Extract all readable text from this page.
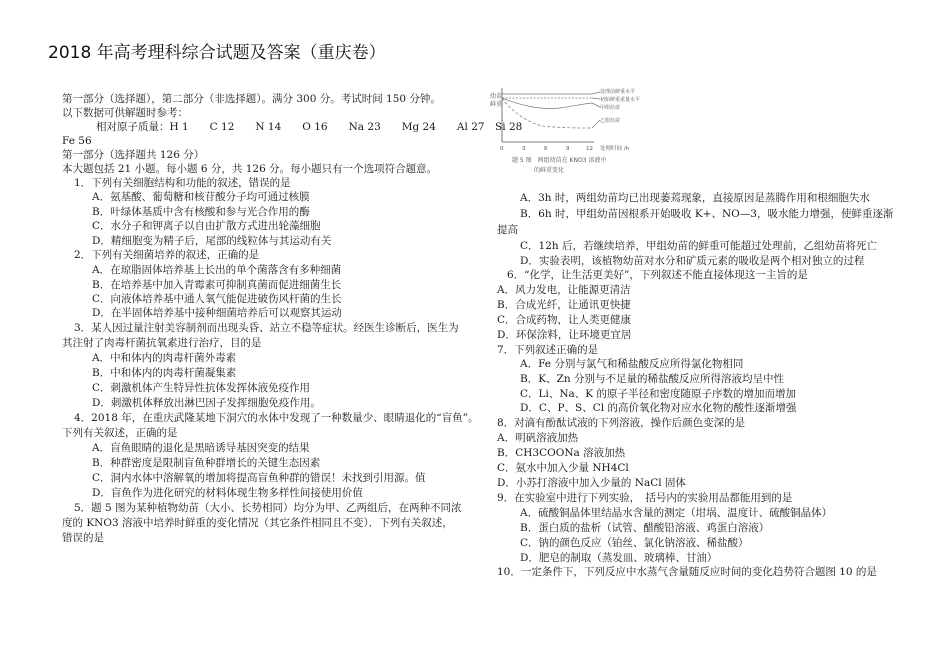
2018 年高考理科综合试题及答案（重庆卷）
第一部分（选择题），第二部分（非选择题）。满分 300 分。考试时间 150 分钟。
以下数据可供解题时参考：
相对原子质量：H 1　　C 12　　N 14　　O 16　　Na 23　　Mg 24　　Al 27　Si 28
Fe 56
第一部分（选择题共 126 分）
本大题包括 21 小题。每小题 6 分，共 126 分。每小题只有一个选项符合题意。
1．下列有关细胞结构和功能的叙述，错误的是
A．氨基酸、葡萄糖和核苷酸分子均可通过核膜
B．叶绿体基质中含有核酸和参与光合作用的酶
C．水分子和钾离子以自由扩散方式进出轮藻细胞
D．精细胞变为精子后，尾部的线粒体与其运动有关
2．下列有关细菌培养的叙述，正确的是
A．在琼脂固体培养基上长出的单个菌落含有多种细菌
B．在培养基中加入青霉素可抑制真菌而促进细菌生长
C．向液体培养基中通人氧气能促进破伤风杆菌的生长
D．在半固体培养基中接种细菌培养后可以观察其运动
3．某人因过量注射美容制剂而出现头昏、站立不稳等症状。经医生诊断后，医生为
其注射了肉毒杆菌抗氧素进行治疗，目的是
A．中和体内的肉毒杆菌外毒素
B．中和体内的肉毒杆菌凝集素
C．刺激机体产生特异性抗体发挥体液免疫作用
D．刺激机体释放出淋巴因子发挥细胞免疫作用。
4．2018 年，在重庆武隆某地下洞穴的水体中发现了一种数量少、眼睛退化的“盲鱼”。
下列有关叙述，正确的是
A．盲鱼眼睛的退化是黑暗诱导基因突变的结果
B．种群密度是限制盲鱼种群增长的关键生态因素
C．洞内水体中溶解氧的增加将提高盲鱼种群的错误！未找到引用源。值
D．盲鱼作为进化研究的材料体现生物多样性间接使用价值
5．题 5 图为某种植物幼苗（大小、长势相同）均分为甲、乙两组后，在两种不同浓
度的 KNO3 溶液中培养时鲜重的变化情况（其它条件相同且不变）．下列有关叙述，
错误的是
幼苗
鲜重
处理前鲜重水平
初始鲜重重量水平
甲组幼苗
乙组幼苗
0	3	6	9	12 处理时间 /h
题 5 图　两组幼苗在 KNO3 溶液中
的鲜重变化
A．3h 时，两组幼苗均已出现萎蔫现象，直接原因是蒸腾作用和根细胞失水
B．6h 时，甲组幼苗因根系开始吸收 K+、NO—3，吸水能力增强，使鲜重逐渐
提高
C．12h 后，若继续培养，甲组幼苗的鲜重可能超过处理前，乙组幼苗将死亡
D．实验表明，该植物幼苗对水分和矿质元素的吸收是两个相对独立的过程
6．“化学，让生活更美好”，下列叙述不能直接体现这一主旨的是
A．风力发电，让能源更清洁
B．合成光纤，让通讯更快捷
C．合成药物，让人类更健康
D．环保涂料，让环境更宜居
7．下列叙述正确的是
A．Fe 分别与氯气和稀盐酸反应所得氯化物相同
B．K、Zn 分别与不足量的稀盐酸反应所得溶液均呈中性
C．Li、Na、K 的原子半径和密度随原子序数的增加而增加
D．C、P、S、Cl 的高价氧化物对应水化物的酸性逐渐增强
8．对滴有酚酞试液的下列溶液，操作后颜色变深的是
A．明矾溶液加热
B．CH3COONa 溶液加热
C．氨水中加入少量 NH4Cl
D．小苏打溶液中加入少量的 NaCl 固体
9．在实验室中进行下列实验，　括号内的实验用品都能用到的是
A．硫酸铜晶体里结晶水含量的测定（坩埚、温度计、硫酸铜晶体）
B．蛋白质的盐析（试管、醋酸铅溶液、鸡蛋白溶液）
C．钠的颜色反应（铂丝、氯化钠溶液、稀盐酸）
D．肥皂的制取（蒸发皿、玻璃棒、甘油）
10．一定条件下，下列反应中水蒸气含量随反应时间的变化趋势符合题图 10 的是
